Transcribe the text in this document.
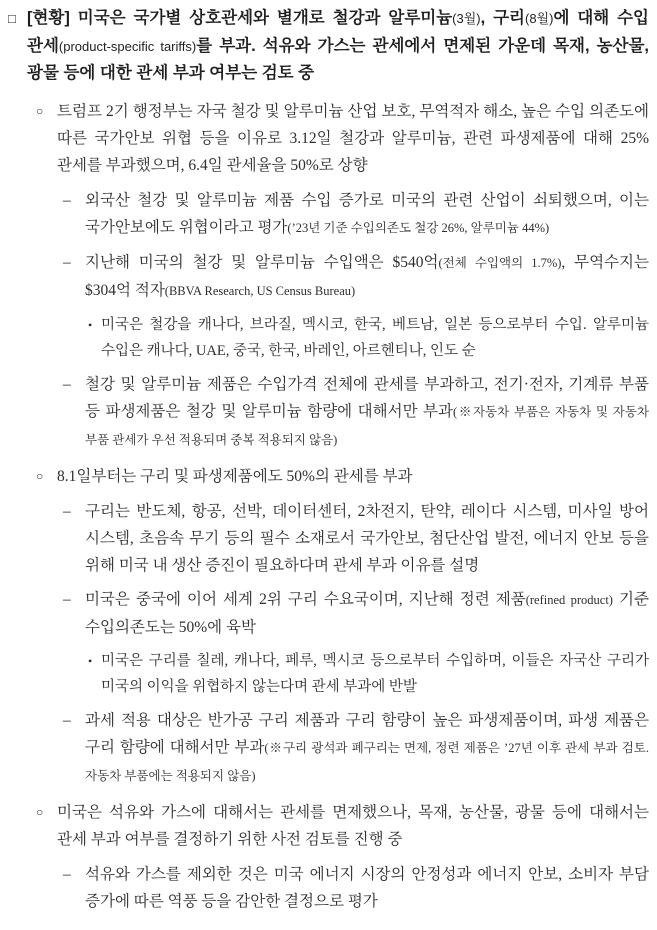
□ [현황] 미국은 국가별 상호관세와 별개로 철강과 알루미늄(3월), 구리(8월)에 대해 수입 관세(product-specific tariffs)를 부과. 석유와 가스는 관세에서 면제된 가운데 목재, 농산물, 광물 등에 대한 관세 부과 여부는 검토 중
○ 트럼프 2기 행정부는 자국 철강 및 알루미늄 산업 보호, 무역적자 해소, 높은 수입 의존도에 따른 국가안보 위협 등을 이유로 3.12일 철강과 알루미늄, 관련 파생제품에 대해 25% 관세를 부과했으며, 6.4일 관세율을 50%로 상향
– 외국산 철강 및 알루미늄 제품 수입 증가로 미국의 관련 산업이 쇠퇴했으며, 이는 국가안보에도 위협이라고 평가(’23년 기준 수입의존도 철강 26%, 알루미늄 44%)
– 지난해 미국의 철강 및 알루미늄 수입액은 $540억(전체 수입액의 1.7%), 무역수지는 $304억 적자(BBVA Research, US Census Bureau)
• 미국은 철강을 캐나다, 브라질, 멕시코, 한국, 베트남, 일본 등으로부터 수입. 알루미늄 수입은 캐나다, UAE, 중국, 한국, 바레인, 아르헨티나, 인도 순
– 철강 및 알루미늄 제품은 수입가격 전체에 관세를 부과하고, 전기·전자, 기계류 부품 등 파생제품은 철강 및 알루미늄 함량에 대해서만 부과(※자동차 부품은 자동차 및 자동차 부품 관세가 우선 적용되며 중복 적용되지 않음)
○ 8.1일부터는 구리 및 파생제품에도 50%의 관세를 부과
– 구리는 반도체, 항공, 선박, 데이터센터, 2차전지, 탄약, 레이다 시스템, 미사일 방어 시스템, 초음속 무기 등의 필수 소재로서 국가안보, 첨단산업 발전, 에너지 안보 등을 위해 미국 내 생산 증진이 필요하다며 관세 부과 이유를 설명
– 미국은 중국에 이어 세계 2위 구리 수요국이며, 지난해 정련 제품(refined product) 기준 수입의존도는 50%에 육박
• 미국은 구리를 칠레, 캐나다, 페루, 멕시코 등으로부터 수입하며, 이들은 자국산 구리가 미국의 이익을 위협하지 않는다며 관세 부과에 반발
– 과세 적용 대상은 반가공 구리 제품과 구리 함량이 높은 파생제품이며, 파생 제품은 구리 함량에 대해서만 부과(※구리 광석과 폐구리는 면제, 정련 제품은 ’27년 이후 관세 부과 검토. 자동차 부품에는 적용되지 않음)
○ 미국은 석유와 가스에 대해서는 관세를 면제했으나, 목재, 농산물, 광물 등에 대해서는 관세 부과 여부를 결정하기 위한 사전 검토를 진행 중
– 석유와 가스를 제외한 것은 미국 에너지 시장의 안정성과 에너지 안보, 소비자 부담 증가에 따른 역풍 등을 감안한 결정으로 평가
